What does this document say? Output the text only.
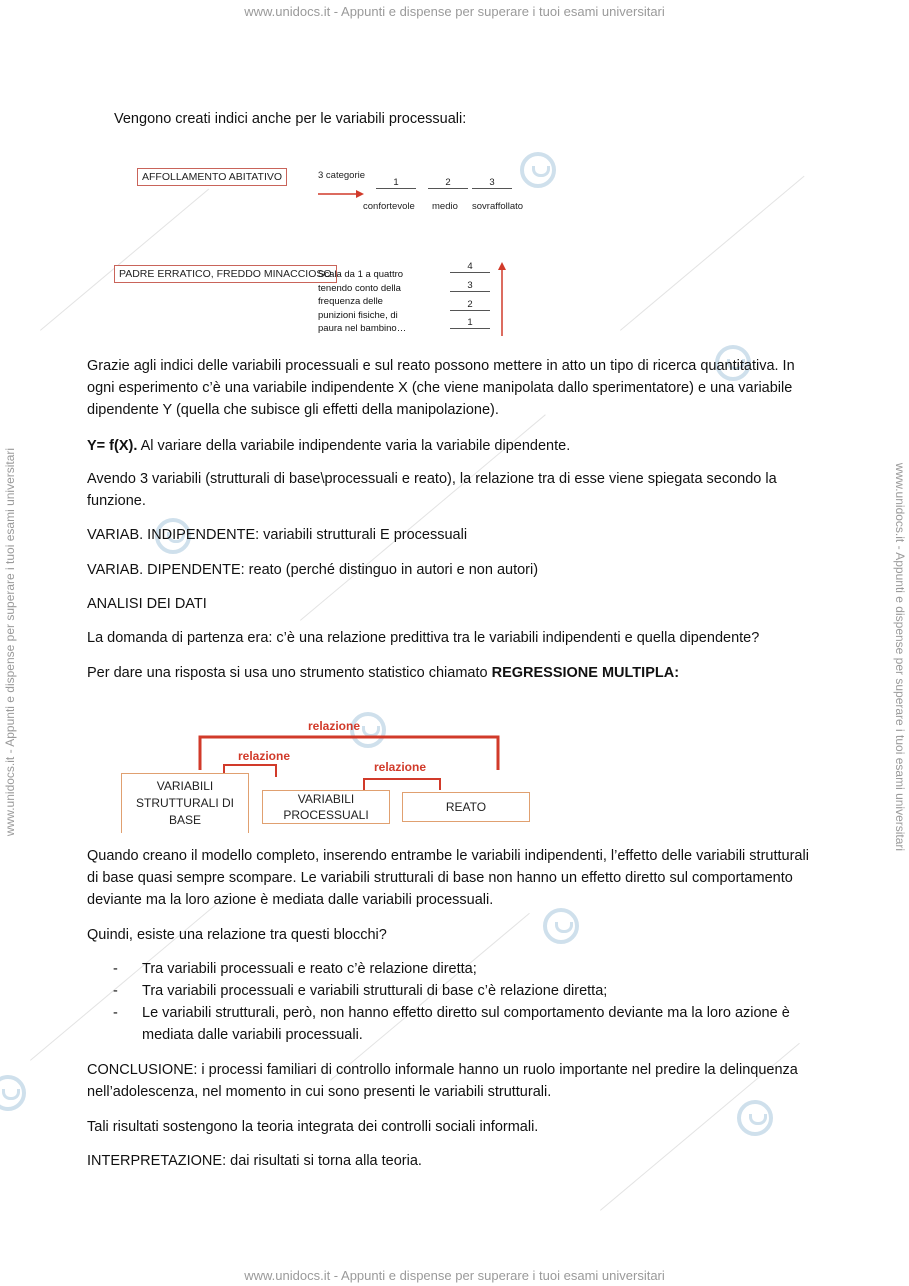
www.unidocs.it - Appunti e dispense per superare i tuoi esami universitari
www.unidocs.it - Appunti e dispense per superare i tuoi esami universitari
www.unidocs.it - Appunti e dispense per superare i tuoi esami universitari	www.unidocs.it - Appunti e dispense per superare i tuoi esami universitari
Vengono creati indici anche per le variabili processuali:
AFFOLLAMENTO ABITATIVO	3 categorie
1	2	3
confortevole medio sovraffollato
PADRE ERRATICO, FREDDO MINACCIOSO
Scala da 1 a quattro
tenendo conto della
frequenza delle
punizioni fisiche, di
paura nel bambino…
4
3
2
1
Grazie agli indici delle variabili processuali e sul reato possono mettere in atto un tipo di ricerca quantitativa. In ogni esperimento c’è una variabile indipendente X (che viene manipolata dallo sperimentatore) e una variabile dipendente Y (quella che subisce gli effetti della manipolazione).
Y= f(X). Al variare della variabile indipendente varia la variabile dipendente.
Avendo 3 variabili (strutturali di base\processuali e reato), la relazione tra di esse viene spiegata secondo la funzione.
VARIAB. INDIPENDENTE: variabili strutturali E processuali
VARIAB. DIPENDENTE: reato (perché distinguo in autori e non autori)
ANALISI DEI DATI
La domanda di partenza era: c’è una relazione predittiva tra le variabili indipendenti e quella dipendente?
Per dare una risposta si usa uno strumento statistico chiamato REGRESSIONE MULTIPLA:
relazione
relazione
relazione
VARIABILI STRUTTURALI DI BASE
VARIABILI PROCESSUALI
REATO
Quando creano il modello completo, inserendo entrambe le variabili indipendenti, l’effetto delle variabili strutturali di base quasi sempre scompare. Le variabili strutturali di base non hanno un effetto diretto sul comportamento deviante ma la loro azione è mediata dalle variabili processuali.
Quindi, esiste una relazione tra questi blocchi?
- Tra variabili processuali e reato c’è relazione diretta;
- Tra variabili processuali e variabili strutturali di base c’è relazione diretta;
- Le variabili strutturali, però, non hanno effetto diretto sul comportamento deviante ma la loro azione è mediata dalle variabili processuali.
CONCLUSIONE: i processi familiari di controllo informale hanno un ruolo importante nel predire la delinquenza nell’adolescenza, nel momento in cui sono presenti le variabili strutturali.
Tali risultati sostengono la teoria integrata dei controlli sociali informali.
INTERPRETAZIONE: dai risultati si torna alla teoria.
